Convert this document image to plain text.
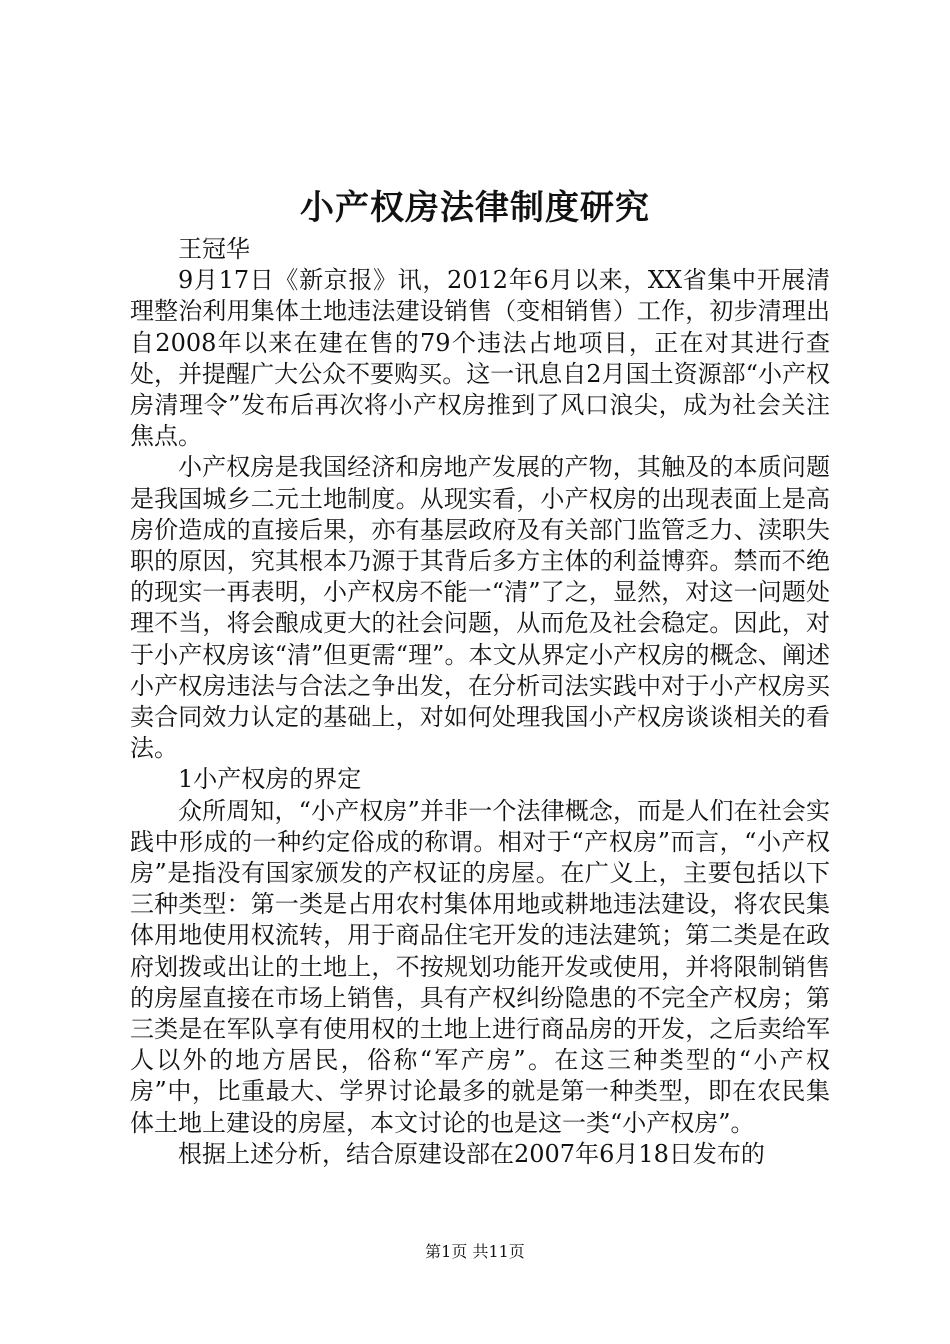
小产权房法律制度研究

王冠华

9月17日《新京报》讯，2012年6月以来，XX省集中开展清理整治利用集体土地违法建设销售（变相销售）工作，初步清理出自2008年以来在建在售的79个违法占地项目，正在对其进行查处，并提醒广大公众不要购买。这一讯息自2月国土资源部“小产权房清理令”发布后再次将小产权房推到了风口浪尖，成为社会关注焦点。

小产权房是我国经济和房地产发展的产物，其触及的本质问题是我国城乡二元土地制度。从现实看，小产权房的出现表面上是高房价造成的直接后果，亦有基层政府及有关部门监管乏力、渎职失职的原因，究其根本乃源于其背后多方主体的利益博弈。禁而不绝的现实一再表明，小产权房不能一“清”了之，显然，对这一问题处理不当，将会酿成更大的社会问题，从而危及社会稳定。因此，对于小产权房该“清”但更需“理”。本文从界定小产权房的概念、阐述小产权房违法与合法之争出发，在分析司法实践中对于小产权房买卖合同效力认定的基础上，对如何处理我国小产权房谈谈相关的看法。

1小产权房的界定

众所周知，“小产权房”并非一个法律概念，而是人们在社会实践中形成的一种约定俗成的称谓。相对于“产权房”而言，“小产权房”是指没有国家颁发的产权证的房屋。在广义上，主要包括以下三种类型：第一类是占用农村集体用地或耕地违法建设，将农民集体用地使用权流转，用于商品住宅开发的违法建筑；第二类是在政府划拨或出让的土地上，不按规划功能开发或使用，并将限制销售的房屋直接在市场上销售，具有产权纠纷隐患的不完全产权房；第三类是在军队享有使用权的土地上进行商品房的开发，之后卖给军人以外的地方居民，俗称“军产房”。在这三种类型的“小产权房”中，比重最大、学界讨论最多的就是第一种类型，即在农民集体土地上建设的房屋，本文讨论的也是这一类“小产权房”。

根据上述分析，结合原建设部在2007年6月18日发布的

第1页 共11页
